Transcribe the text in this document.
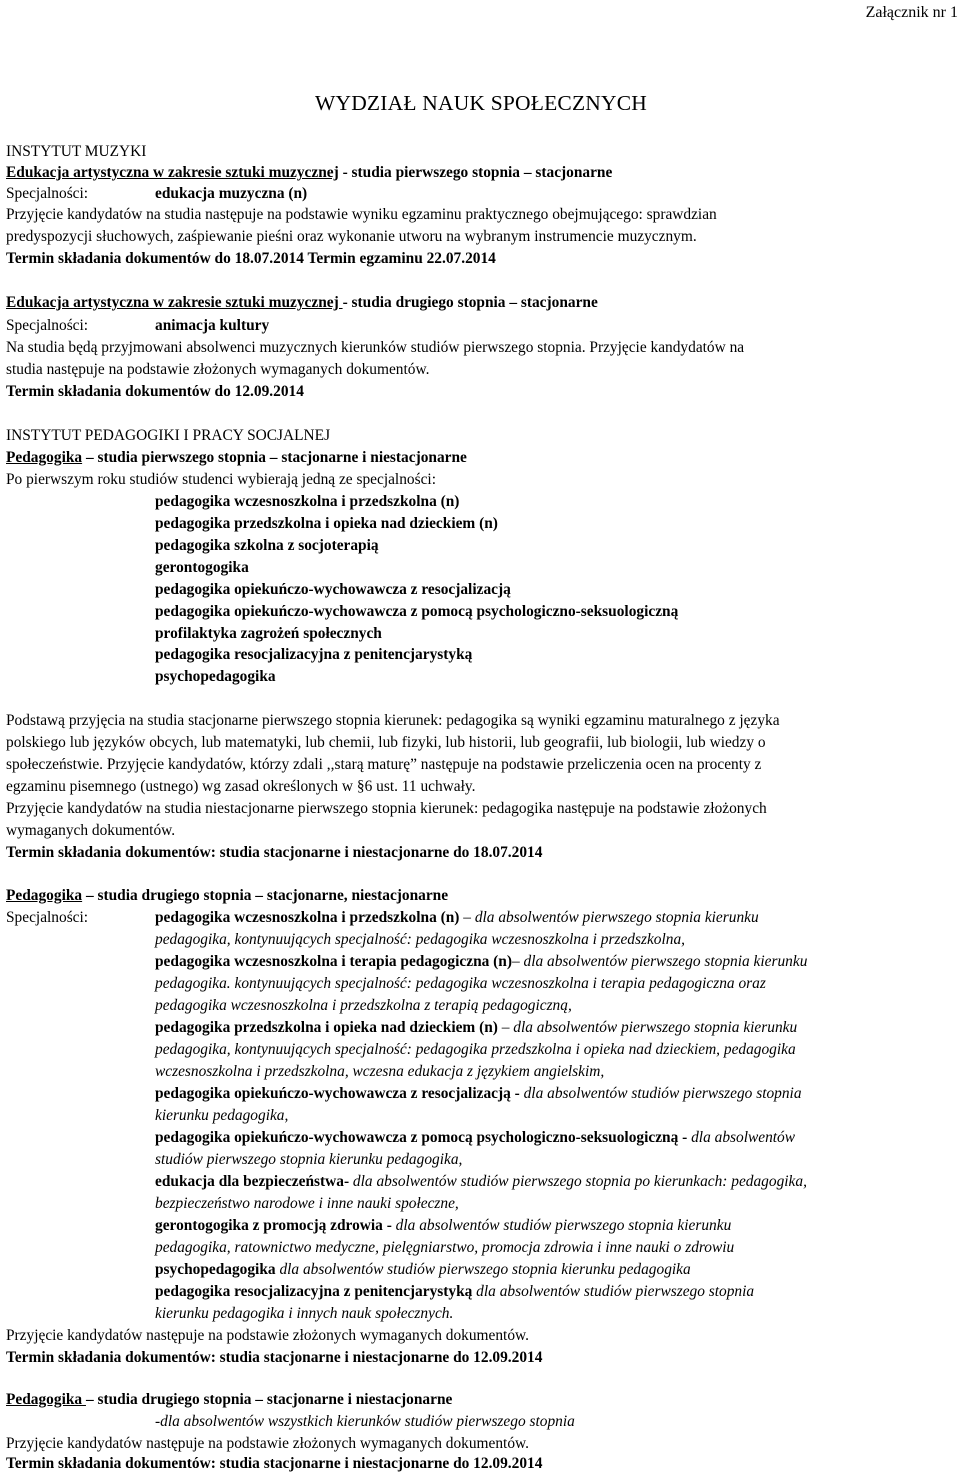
Załącznik nr 1
WYDZIAŁ NAUK SPOŁECZNYCH
INSTYTUT MUZYKI
Edukacja artystyczna w zakresie sztuki muzycznej - studia pierwszego stopnia – stacjonarne
Specjalności:	edukacja muzyczna (n)
Przyjęcie kandydatów na studia następuje na podstawie wyniku egzaminu praktycznego obejmującego: sprawdzian
predyspozycji słuchowych, zaśpiewanie pieśni oraz wykonanie utworu na wybranym instrumencie muzycznym.
Termin składania dokumentów do 18.07.2014 Termin egzaminu 22.07.2014
Edukacja artystyczna w zakresie sztuki muzycznej - studia drugiego stopnia – stacjonarne
Specjalności:	animacja kultury
Na studia będą przyjmowani absolwenci muzycznych kierunków studiów pierwszego stopnia. Przyjęcie kandydatów na
studia następuje na podstawie złożonych wymaganych dokumentów.
Termin składania dokumentów do 12.09.2014
INSTYTUT PEDAGOGIKI I PRACY SOCJALNEJ
Pedagogika – studia pierwszego stopnia – stacjonarne i niestacjonarne
Po pierwszym roku studiów studenci wybierają jedną ze specjalności:
pedagogika wczesnoszkolna i przedszkolna (n)
pedagogika przedszkolna i opieka nad dzieckiem (n)
pedagogika szkolna z socjoterapią
gerontogogika
pedagogika opiekuńczo-wychowawcza z resocjalizacją
pedagogika opiekuńczo-wychowawcza z pomocą psychologiczno-seksuologiczną
profilaktyka zagrożeń społecznych
pedagogika resocjalizacyjna z penitencjarystyką
psychopedagogika
Podstawą przyjęcia na studia stacjonarne pierwszego stopnia kierunek: pedagogika są wyniki egzaminu maturalnego z języka
polskiego lub języków obcych, lub matematyki, lub chemii, lub fizyki, lub historii, lub geografii, lub biologii, lub wiedzy o
społeczeństwie. Przyjęcie kandydatów, którzy zdali ,,starą maturę” następuje na podstawie przeliczenia ocen na procenty z
egzaminu pisemnego (ustnego) wg zasad określonych w §6 ust. 11 uchwały.
Przyjęcie kandydatów na studia niestacjonarne pierwszego stopnia kierunek: pedagogika następuje na podstawie złożonych
wymaganych dokumentów.
Termin składania dokumentów: studia stacjonarne i niestacjonarne do 18.07.2014
Pedagogika – studia drugiego stopnia – stacjonarne, niestacjonarne
Specjalności:	pedagogika wczesnoszkolna i przedszkolna (n) – dla absolwentów pierwszego stopnia kierunku
pedagogika, kontynuujących specjalność: pedagogika wczesnoszkolna i przedszkolna,
pedagogika wczesnoszkolna i terapia pedagogiczna (n)– dla absolwentów pierwszego stopnia kierunku
pedagogika. kontynuujących specjalność: pedagogika wczesnoszkolna i terapia pedagogiczna oraz
pedagogika wczesnoszkolna i przedszkolna z terapią pedagogiczną,
pedagogika przedszkolna i opieka nad dzieckiem (n) – dla absolwentów pierwszego stopnia kierunku
pedagogika, kontynuujących specjalność: pedagogika przedszkolna i opieka nad dzieckiem, pedagogika
wczesnoszkolna i przedszkolna, wczesna edukacja z językiem angielskim,
pedagogika opiekuńczo-wychowawcza z resocjalizacją - dla absolwentów studiów pierwszego stopnia
kierunku pedagogika,
pedagogika opiekuńczo-wychowawcza z pomocą psychologiczno-seksuologiczną - dla absolwentów
studiów pierwszego stopnia kierunku pedagogika,
edukacja dla bezpieczeństwa- dla absolwentów studiów pierwszego stopnia po kierunkach: pedagogika,
bezpieczeństwo narodowe i inne nauki społeczne,
gerontogogika z promocją zdrowia - dla absolwentów studiów pierwszego stopnia kierunku
pedagogika, ratownictwo medyczne, pielęgniarstwo, promocja zdrowia i inne nauki o zdrowiu
psychopedagogika dla absolwentów studiów pierwszego stopnia kierunku pedagogika
pedagogika resocjalizacyjna z penitencjarystyką dla absolwentów studiów pierwszego stopnia
kierunku pedagogika i innych nauk społecznych.
Przyjęcie kandydatów następuje na podstawie złożonych wymaganych dokumentów.
Termin składania dokumentów: studia stacjonarne i niestacjonarne do 12.09.2014
Pedagogika – studia drugiego stopnia – stacjonarne i niestacjonarne
-dla absolwentów wszystkich kierunków studiów pierwszego stopnia
Przyjęcie kandydatów następuje na podstawie złożonych wymaganych dokumentów.
Termin składania dokumentów: studia stacjonarne i niestacjonarne do 12.09.2014
